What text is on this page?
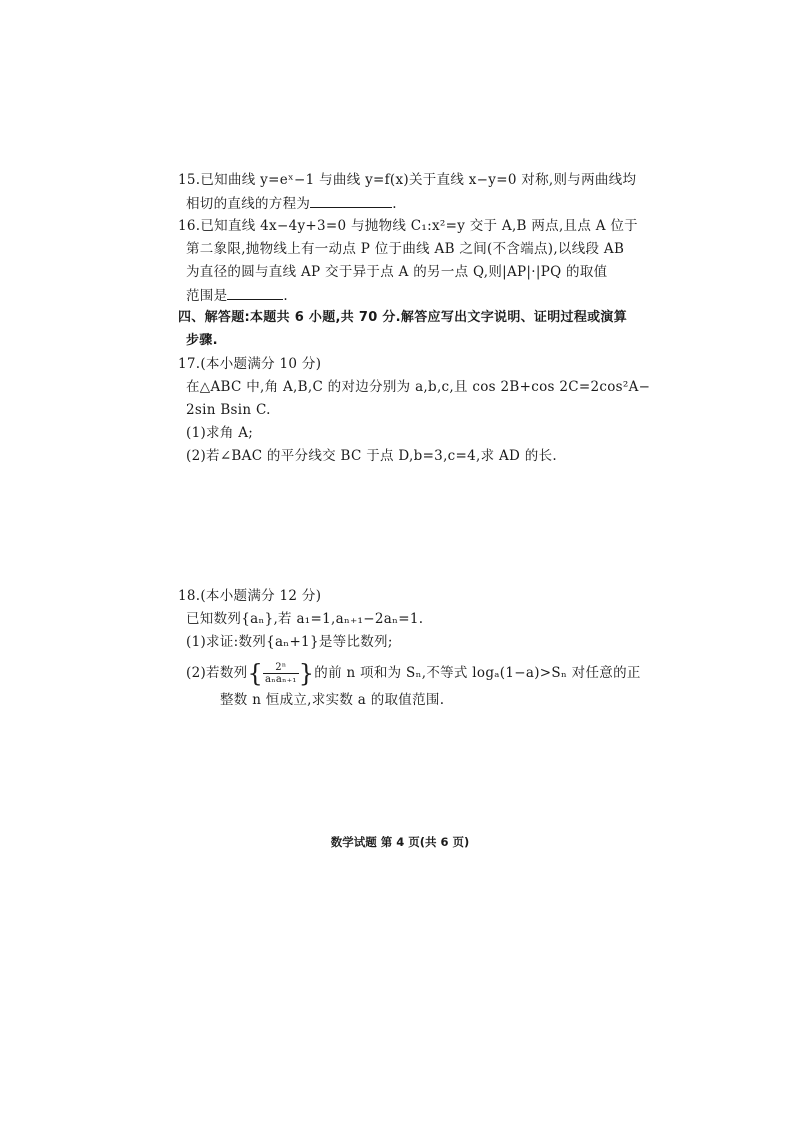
15.已知曲线 y=eˣ−1 与曲线 y=f(x)关于直线 x−y=0 对称,则与两曲线均
相切的直线的方程为	.
16.已知直线 4x−4y+3=0 与抛物线 C₁:x²=y 交于 A,B 两点,且点 A 位于
第二象限,抛物线上有一动点 P 位于曲线 AB 之间(不含端点),以线段 AB
为直径的圆与直线 AP 交于异于点 A 的另一点 Q,则|AP|·|PQ 的取值
范围是	.
四、解答题:本题共 6 小题,共 70 分.解答应写出文字说明、证明过程或演算
步骤.
17.(本小题满分 10 分)
在△ABC 中,角 A,B,C 的对边分别为 a,b,c,且 cos 2B+cos 2C=2cos²A−
2sin Bsin C.
(1)求角 A;
(2)若∠BAC 的平分线交 BC 于点 D,b=3,c=4,求 AD 的长.
18.(本小题满分 12 分)
已知数列{aₙ},若 a₁=1,aₙ₊₁−2aₙ=1.
(1)求证:数列{aₙ+1}是等比数列;
(2)若数列{ $\frac{\text{2ⁿ}}{\text{aₙaₙ₊₁}}$ }的前 n 项和为 Sₙ,不等式 logₐ(1−a)>Sₙ 对任意的正
整数 n 恒成立,求实数 a 的取值范围.
数学试题 第 4 页(共 6 页)
